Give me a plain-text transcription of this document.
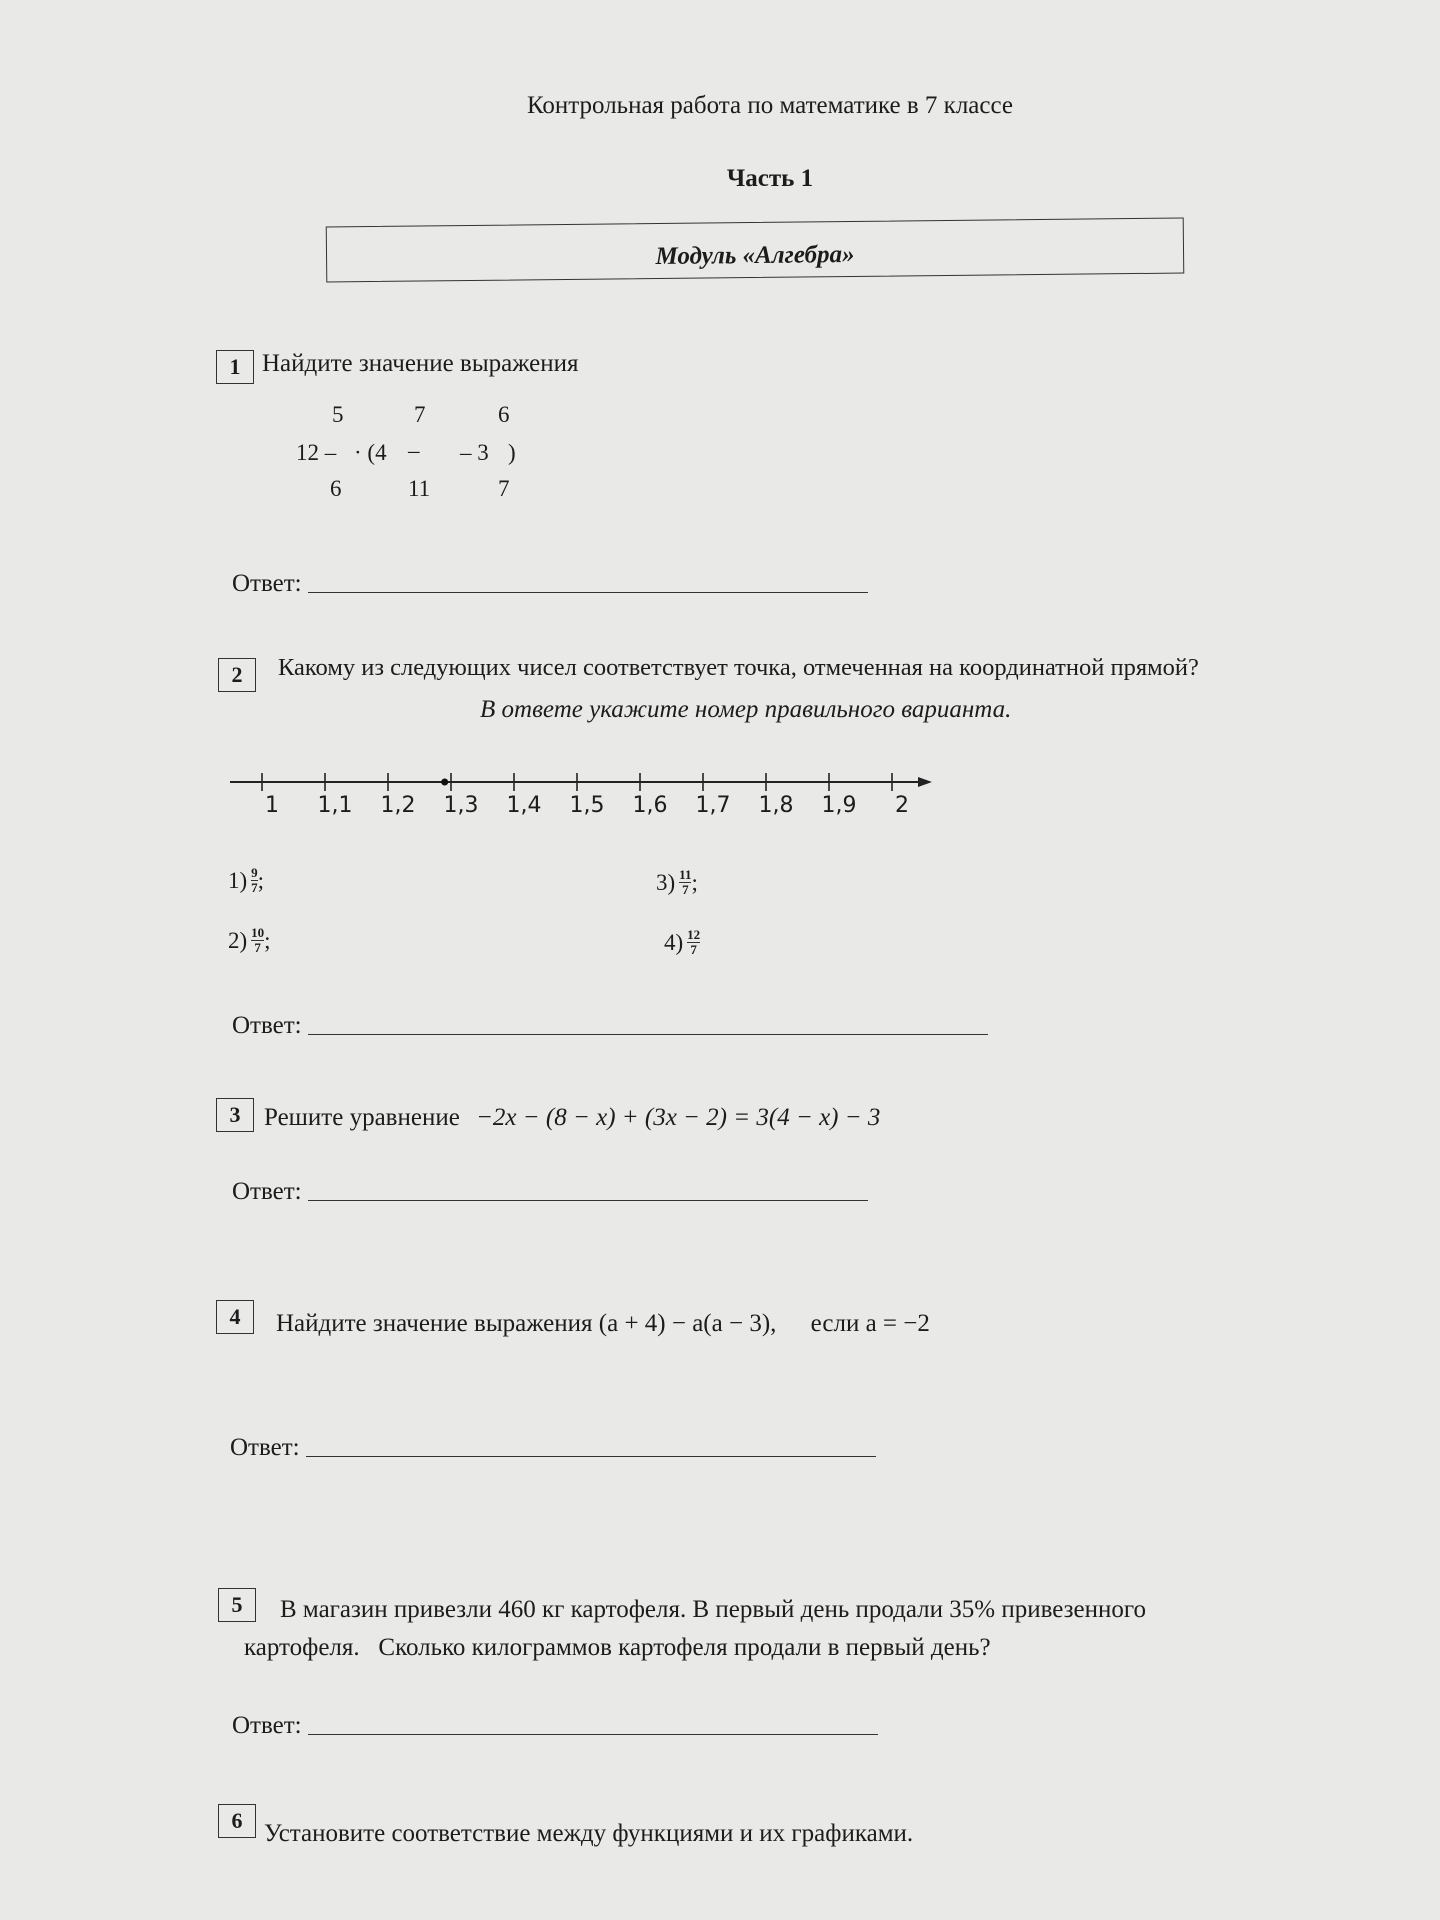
Контрольная работа по математике в 7 классе
Часть 1
Модуль «Алгебра»
1 Найдите значение выражения
5	7	6
12 – · (4 – – 3 )
6	11	7
Ответ:
2	Какому из следующих чисел соответствует точка, отмеченная на координатной прямой?
В ответе укажите номер правильного варианта.
1 1,1 1,2 1,3 1,4 1,5 1,6 1,7 1,8 1,9 2
$1) \frac{9}{7}$ ;
$2) \frac{10}{7}$ ;
$3) \frac{11}{7}$ ;
$4) \frac{12}{7}$
Ответ:
3 Решите уравнение −2x − (8 − x) + (3x − 2) = 3(4 − x) − 3
Ответ:
4	Найдите значение выражения (a + 4) − a(a − 3), если a = −2
Ответ:
5	В магазин привезли 460 кг картофеля. В первый день продали 35% привезенного
картофеля.   Сколько килограммов картофеля продали в первый день?
Ответ:
6 Установите соответствие между функциями и их графиками.
